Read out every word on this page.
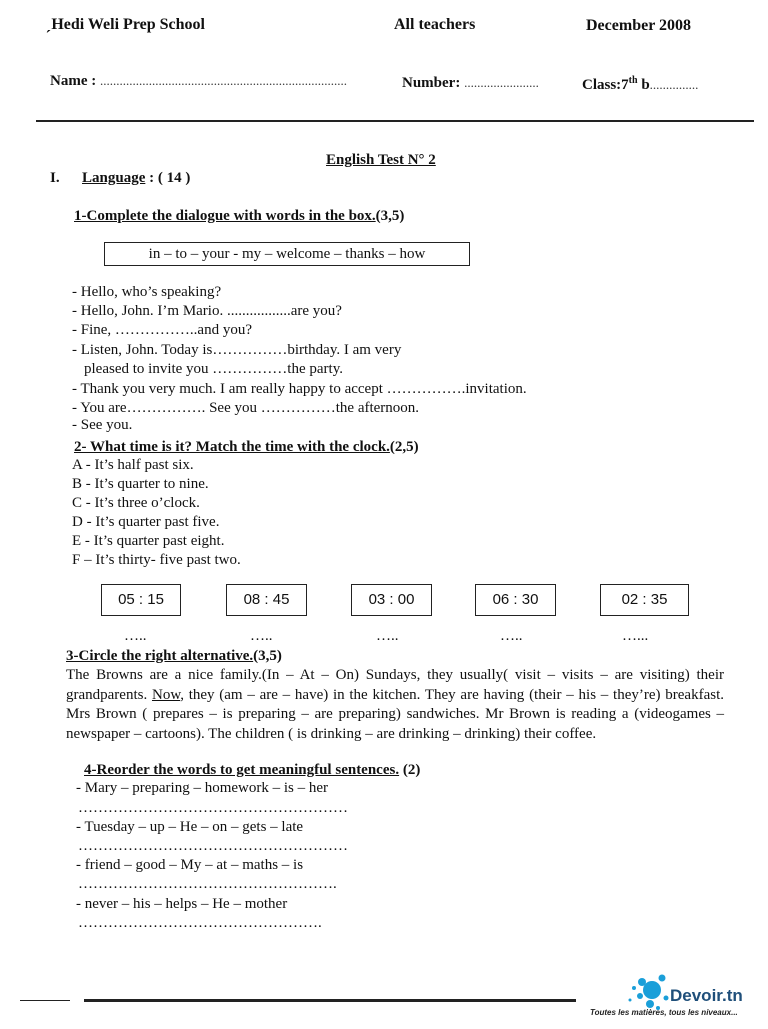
ˏHedi Weli Prep School	All teachers	December 2008
Name : ............................................................................	Number: .......................	Class:7th b...............
English Test N° 2
I. Language : ( 14 )
1-Complete the dialogue with words in the box.(3,5)
in – to – your - my – welcome – thanks – how
- Hello, who’s speaking?
- Hello, John. I’m Mario. .................are you?
- Fine, ……………..and you?
- Listen, John. Today is……………birthday. I am very
pleased to invite you ……………the party.
- Thank you very much. I am really happy to accept …………….invitation.
- You are……………. See you ……………the afternoon.
- See you.
2- What time is it? Match the time with the clock.(2,5)
A - It’s half past six.
B - It’s quarter to nine.
C - It’s three o’clock.
D - It’s quarter past five.
E - It’s quarter past eight.
F – It’s thirty- five past two.
05 : 15	08 : 45	03 : 00	06 : 30	02 : 35
…..	…..	…..	…..	…...
3-Circle the right alternative.(3,5)
The Browns are a nice family.(In – At – On) Sundays, they usually( visit – visits – are visiting) their grandparents. Now, they (am – are – have) in the kitchen. They are having (their – his – they’re) breakfast. Mrs Brown ( prepares – is preparing – are preparing) sandwiches. Mr Brown is reading a (videogames – newspaper – cartoons). The children ( is drinking – are drinking – drinking) their coffee.
4-Reorder the words to get meaningful sentences. (2)
- Mary – preparing – homework – is – her
………………………………………………
- Tuesday – up – He – on – gets – late
………………………………………………
- friend – good – My – at – maths – is
…………………………………………….
- never – his – helps – He – mother
………………………………………….
Devoir.tn
Toutes les matières, tous les niveaux...
